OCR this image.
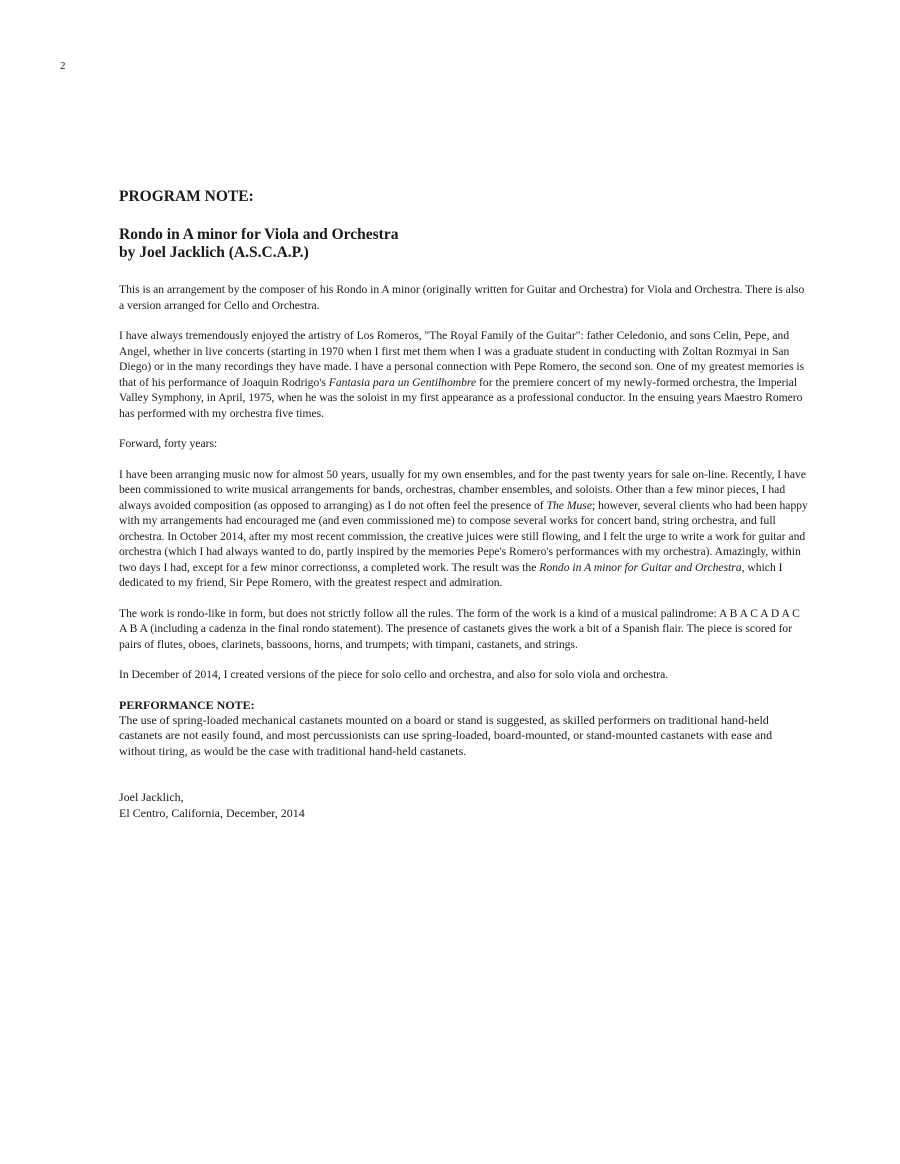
2

PROGRAM NOTE:

Rondo in A minor for Viola and Orchestra

by Joel Jacklich (A.S.C.A.P.)

This is an arrangement by the composer of his Rondo in A minor (originally written for Guitar and Orchestra) for Viola and Orchestra. There is also a version arranged for Cello and Orchestra.

I have always tremendously enjoyed the artistry of Los Romeros, "The Royal Family of the Guitar": father Celedonio, and sons Celin, Pepe, and Angel, whether in live concerts (starting in 1970 when I first met them when I was a graduate student in conducting with Zoltan Rozmyai in San Diego) or in the many recordings they have made. I have a personal connection with Pepe Romero, the second son. One of my greatest memories is that of his performance of Joaquin Rodrigo's Fantasia para un Gentilhombre for the premiere concert of my newly-formed orchestra, the Imperial Valley Symphony, in April, 1975, when he was the soloist in my first appearance as a professional conductor. In the ensuing years Maestro Romero has performed with my orchestra five times.

Forward, forty years:

I have been arranging music now for almost 50 years, usually for my own ensembles, and for the past twenty years for sale on-line. Recently, I have been commissioned to write musical arrangements for bands, orchestras, chamber ensembles, and soloists. Other than a few minor pieces, I had always avoided composition (as opposed to arranging) as I do not often feel the presence of The Muse; however, several clients who had been happy with my arrangements had encouraged me (and even commissioned me) to compose several works for concert band, string orchestra, and full orchestra. In October 2014, after my most recent commission, the creative juices were still flowing, and I felt the urge to write a work for guitar and orchestra (which I had always wanted to do, partly inspired by the memories Pepe's Romero's performances with my orchestra). Amazingly, within two days I had, except for a few minor correctionss, a completed work. The result was the Rondo in A minor for Guitar and Orchestra, which I dedicated to my friend, Sir Pepe Romero, with the greatest respect and admiration.

The work is rondo-like in form, but does not strictly follow all the rules. The form of the work is a kind of a musical palindrome: A B A C A D A C A B A (including a cadenza in the final rondo statement). The presence of castanets gives the work a bit of a Spanish flair. The piece is scored for pairs of flutes, oboes, clarinets, bassoons, horns, and trumpets; with timpani, castanets, and strings.

In December of 2014, I created versions of the piece for solo cello and orchestra, and also for solo viola and orchestra.

PERFORMANCE NOTE:

The use of spring-loaded mechanical castanets mounted on a board or stand is suggested, as skilled performers on traditional hand-held castanets are not easily found, and most percussionists can use spring-loaded, board-mounted, or stand-mounted castanets with ease and without tiring, as would be the case with traditional hand-held castanets.

Joel Jacklich,
El Centro, California, December, 2014
